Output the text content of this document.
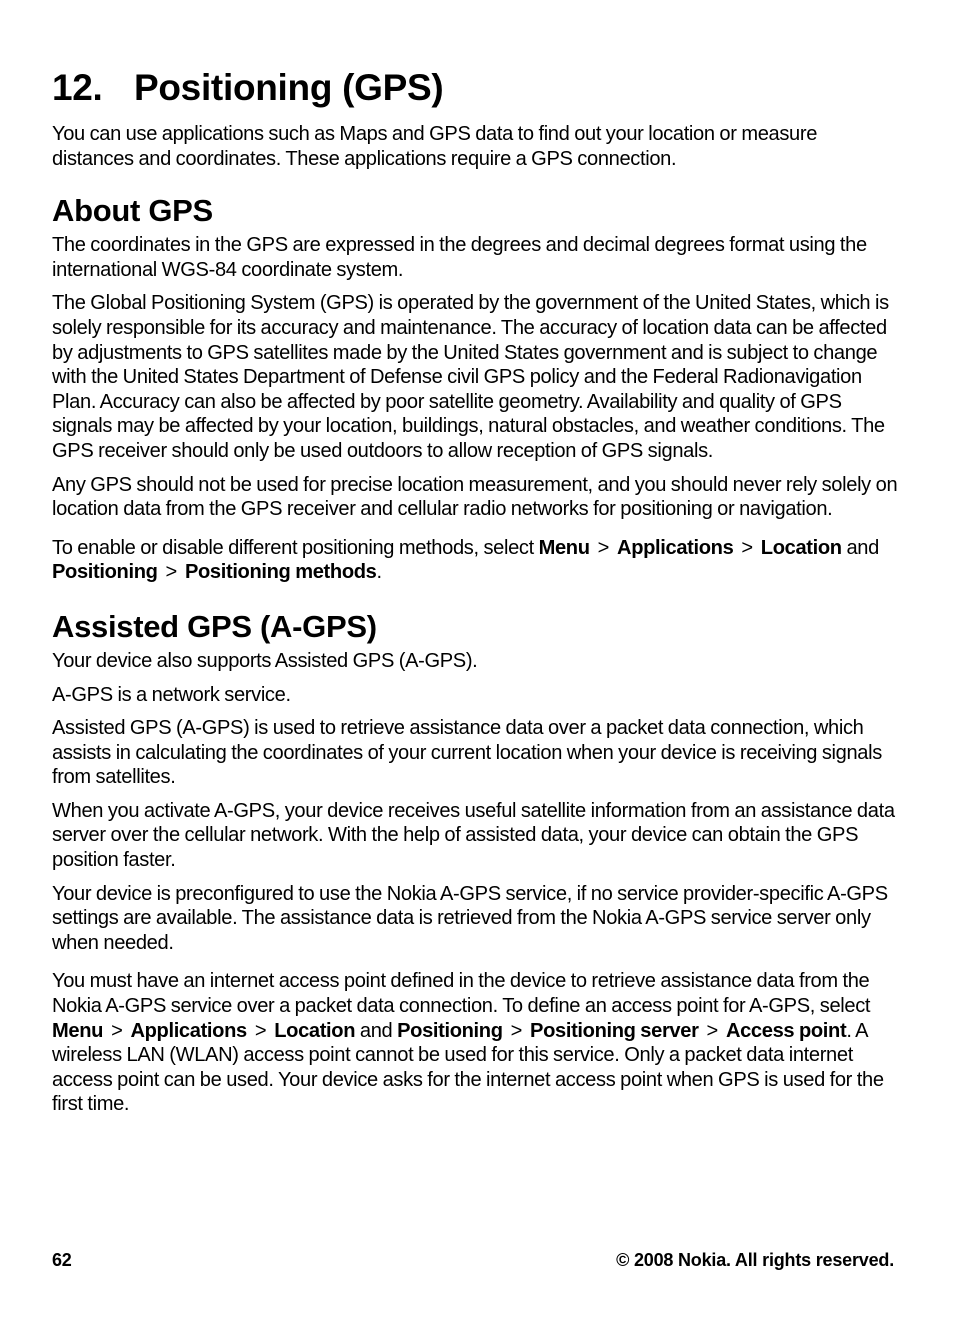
12. Positioning (GPS)

You can use applications such as Maps and GPS data to find out your location or measure distances and coordinates. These applications require a GPS connection.

About GPS

The coordinates in the GPS are expressed in the degrees and decimal degrees format using the international WGS-84 coordinate system.

The Global Positioning System (GPS) is operated by the government of the United States, which is solely responsible for its accuracy and maintenance. The accuracy of location data can be affected by adjustments to GPS satellites made by the United States government and is subject to change with the United States Department of Defense civil GPS policy and the Federal Radionavigation Plan. Accuracy can also be affected by poor satellite geometry. Availability and quality of GPS signals may be affected by your location, buildings, natural obstacles, and weather conditions. The GPS receiver should only be used outdoors to allow reception of GPS signals.

Any GPS should not be used for precise location measurement, and you should never rely solely on location data from the GPS receiver and cellular radio networks for positioning or navigation.

To enable or disable different positioning methods, select Menu > Applications > Location and Positioning > Positioning methods.

Assisted GPS (A-GPS)

Your device also supports Assisted GPS (A-GPS).

A-GPS is a network service.

Assisted GPS (A-GPS) is used to retrieve assistance data over a packet data connection, which assists in calculating the coordinates of your current location when your device is receiving signals from satellites.

When you activate A-GPS, your device receives useful satellite information from an assistance data server over the cellular network. With the help of assisted data, your device can obtain the GPS position faster.

Your device is preconfigured to use the Nokia A-GPS service, if no service provider-specific A-GPS settings are available. The assistance data is retrieved from the Nokia A-GPS service server only when needed.

You must have an internet access point defined in the device to retrieve assistance data from the Nokia A-GPS service over a packet data connection. To define an access point for A-GPS, select Menu > Applications > Location and Positioning > Positioning server > Access point. A wireless LAN (WLAN) access point cannot be used for this service. Only a packet data internet access point can be used. Your device asks for the internet access point when GPS is used for the first time.

62	© 2008 Nokia. All rights reserved.
